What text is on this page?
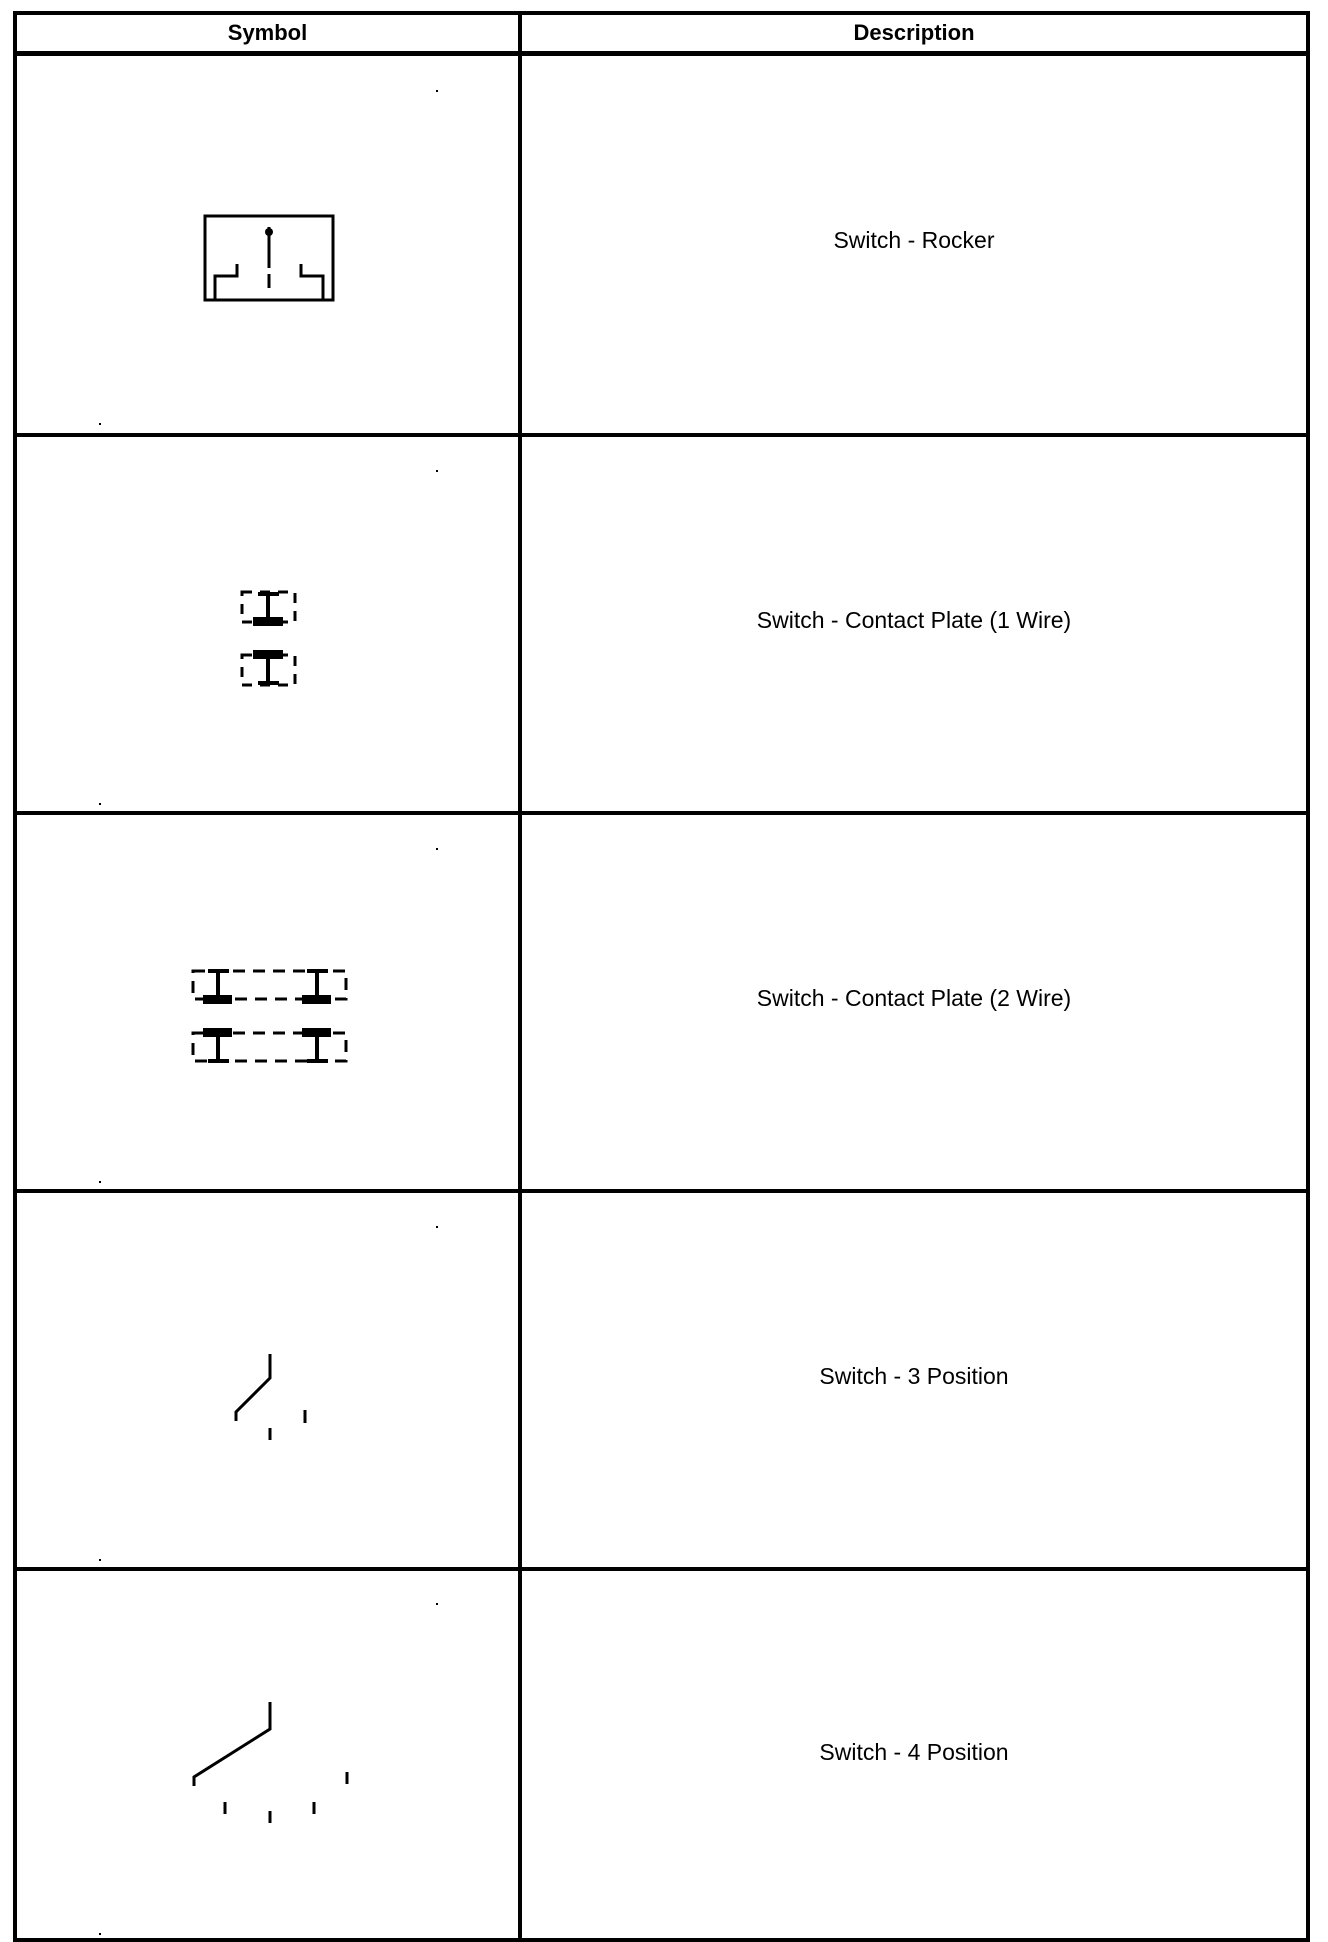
Symbol	Description
Switch - Rocker
Switch - Contact Plate (1 Wire)
Switch - Contact Plate (2 Wire)
Switch - 3 Position
Switch - 4 Position
